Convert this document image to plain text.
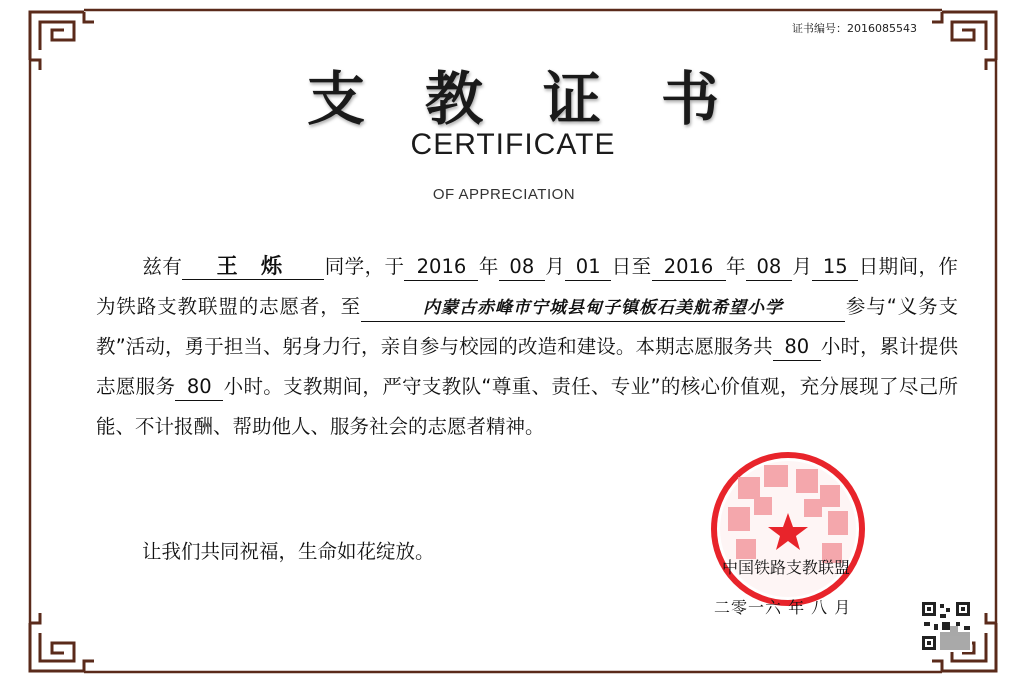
证书编号：2016085543
支 教 证 书
CERTIFICATE
OF APPRECIATION
兹有 王 烁 同学，于 2016 年 08 月 01 日至 2016 年 08 月 15 日期间，作为铁路支教联盟的志愿者，至	内蒙古赤峰市宁城县甸子镇板石美航希望小学	参与“义务支教”活动，勇于担当、躬身力行，亲自参与校园的改造和建设。本期志愿服务共 80 小时，累计提供志愿服务 80 小时。支教期间，严守支教队“尊重、责任、专业”的核心价值观，充分展现了尽己所能、不计报酬、帮助他人、服务社会的志愿者精神。
让我们共同祝福，生命如花绽放。
中国铁路支教联盟
二零一六 年 八 月
